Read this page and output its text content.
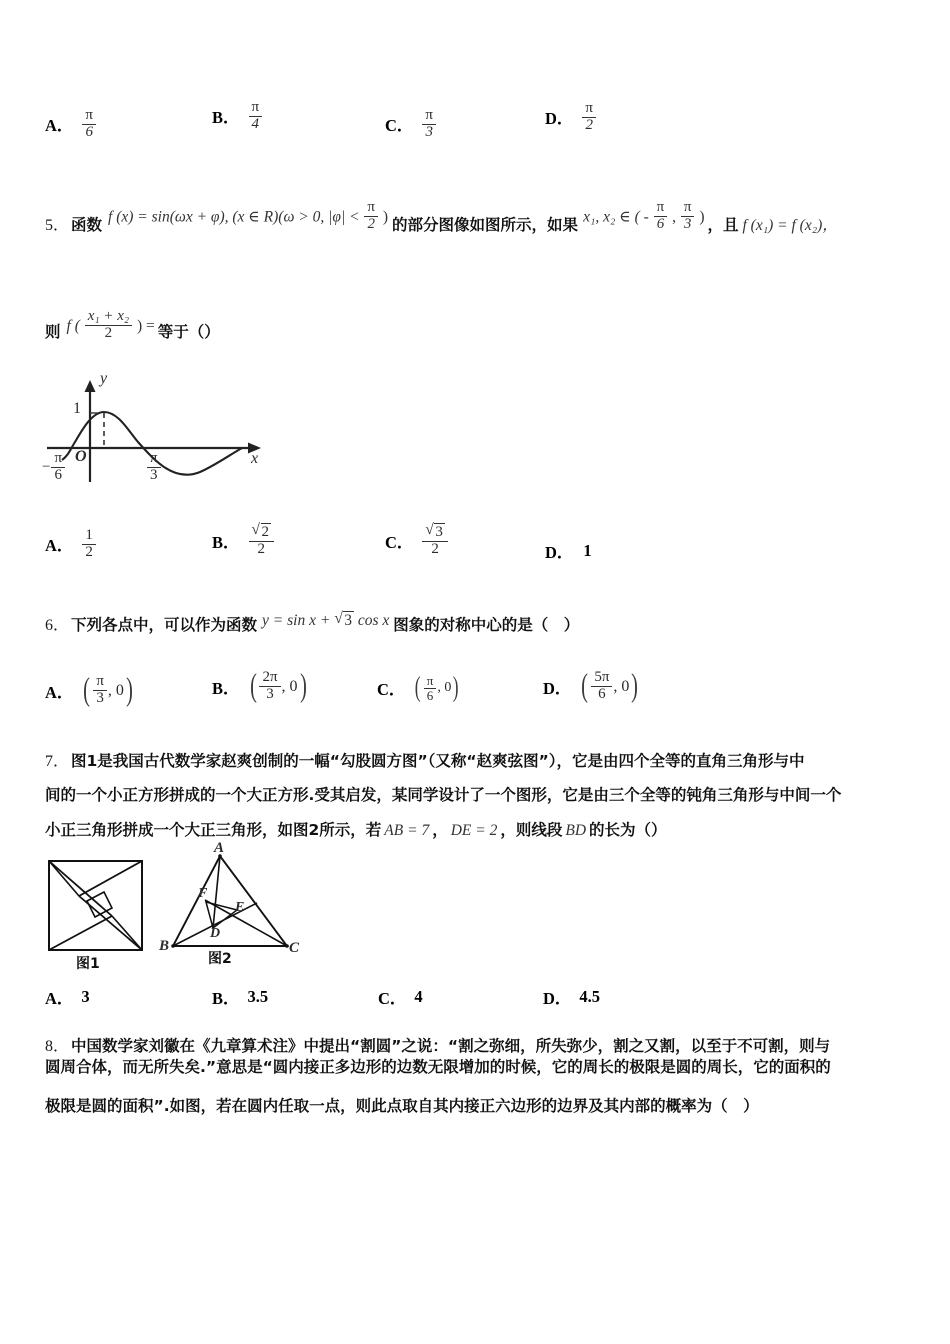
A． $\frac{\pi}{6}$	B． $\frac{\pi}{4}$	C． $\frac{\pi}{3}$	D． $\frac{\pi}{2}$
5． 函数 f (x) = sin(ωx + φ), (x ∈ R)(ω > 0, $|\varphi| < \frac{\pi}{2}$ ) 的部分图像如图所示，如果 x₁, x₂ ∈ ( - $\frac{\pi}{6}$ , $\frac{\pi}{3}$ ) ，且 f (x₁) = f (x₂)，
则 f ( $\frac{\text{x₁ + x₂}}{2}$ ) = 等于（）
y
x
O
1
− $\frac{\pi}{6}$	$\frac{\pi}{3}$
A． $\frac{1}{2}$	B． √ $\frac{2}{2}$	C． √ $\frac{3}{2}$	D． 1
6． 下列各点中，可以作为函数 y = sin x + √ 3 cos x 图象的对称中心的是（　）
A． ( $\frac{\pi}{3}$ , 0 )	B． ( $\frac{2\pi}{3}$ , 0 )	C． ( $\frac{\pi}{6}$ , 0 )	D． ( $\frac{5\pi}{6}$ , 0 )
7． 图1是我国古代数学家赵爽创制的一幅“勾股圆方图”（又称“赵爽弦图”），它是由四个全等的直角三角形与中
间的一个小正方形拼成的一个大正方形.受其启发，某同学设计了一个图形，它是由三个全等的钝角三角形与中间一个
小正三角形拼成一个大正三角形，如图2所示，若 AB = 7 ， DE = 2 ，则线段 BD 的长为（）
图1
A
B	C
D
E
F
图2
A． 3	B． 3.5	C． 4	D． 4.5
8． 中国数学家刘徽在《九章算术注》中提出“割圆”之说：“割之弥细，所失弥少，割之又割，以至于不可割，则与
圆周合体，而无所失矣.”意思是“圆内接正多边形的边数无限增加的时候，它的周长的极限是圆的周长，它的面积的
极限是圆的面积”.如图，若在圆内任取一点，则此点取自其内接正六边形的边界及其内部的概率为（　）
